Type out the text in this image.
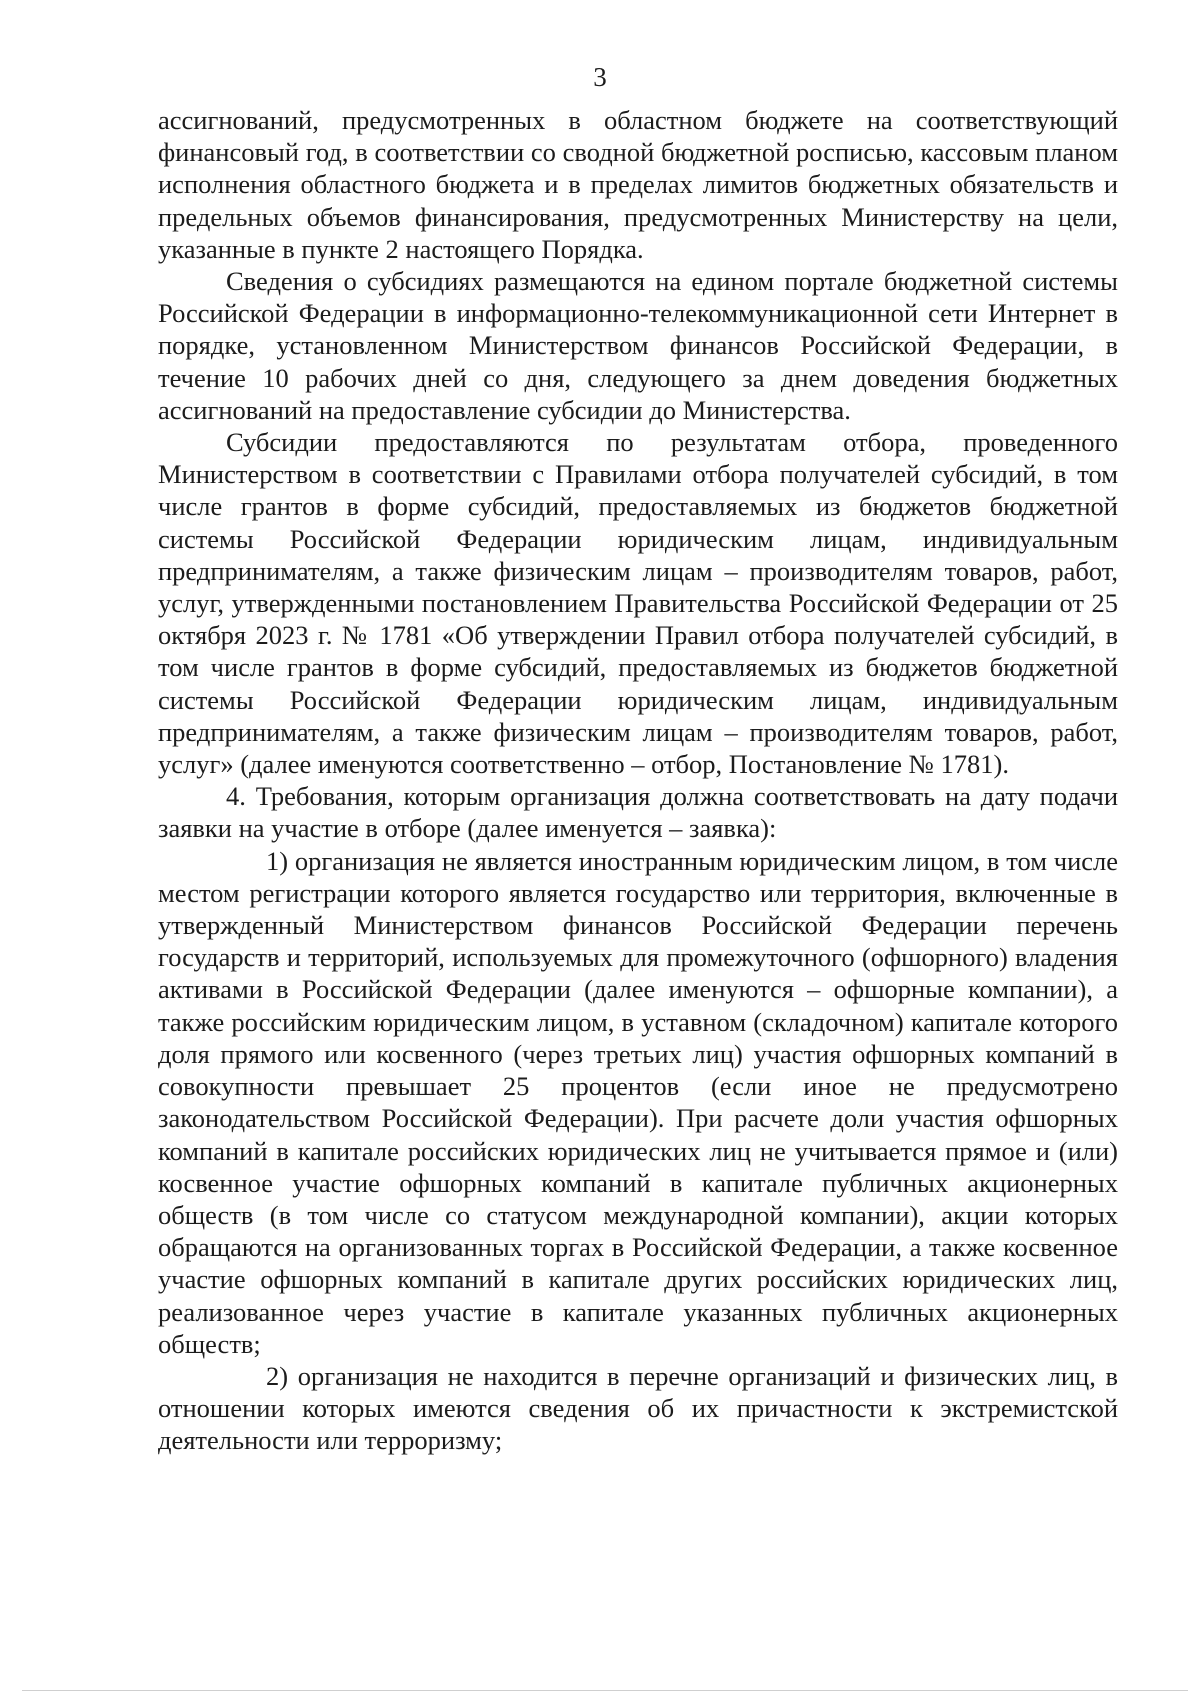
3

ассигнований, предусмотренных в областном бюджете на соответствующий финансовый год, в соответствии со сводной бюджетной росписью, кассовым планом исполнения областного бюджета и в пределах лимитов бюджетных обязательств и предельных объемов финансирования, предусмотренных Министерству на цели, указанные в пункте 2 настоящего Порядка.

Сведения о субсидиях размещаются на едином портале бюджетной системы Российской Федерации в информационно-телекоммуникационной сети Интернет в порядке, установленном Министерством финансов Российской Федерации, в течение 10 рабочих дней со дня, следующего за днем доведения бюджетных ассигнований на предоставление субсидии до Министерства.

Субсидии предоставляются по результатам отбора, проведенного Министерством в соответствии с Правилами отбора получателей субсидий, в том числе грантов в форме субсидий, предоставляемых из бюджетов бюджетной системы Российской Федерации юридическим лицам, индивидуальным предпринимателям, а также физическим лицам – производителям товаров, работ, услуг, утвержденными постановлением Правительства Российской Федерации от 25 октября 2023 г. № 1781 «Об утверждении Правил отбора получателей субсидий, в том числе грантов в форме субсидий, предоставляемых из бюджетов бюджетной системы Российской Федерации юридическим лицам, индивидуальным предпринимателям, а также физическим лицам – производителям товаров, работ, услуг» (далее именуются соответственно – отбор, Постановление № 1781).

4. Требования, которым организация должна соответствовать на дату подачи заявки на участие в отборе (далее именуется – заявка):

1) организация не является иностранным юридическим лицом, в том числе местом регистрации которого является государство или территория, включенные в утвержденный Министерством финансов Российской Федерации перечень государств и территорий, используемых для промежуточного (офшорного) владения активами в Российской Федерации (далее именуются – офшорные компании), а также российским юридическим лицом, в уставном (складочном) капитале которого доля прямого или косвенного (через третьих лиц) участия офшорных компаний в совокупности превышает 25 процентов (если иное не предусмотрено законодательством Российской Федерации). При расчете доли участия офшорных компаний в капитале российских юридических лиц не учитывается прямое и (или) косвенное участие офшорных компаний в капитале публичных акционерных обществ (в том числе со статусом международной компании), акции которых обращаются на организованных торгах в Российской Федерации, а также косвенное участие офшорных компаний в капитале других российских юридических лиц, реализованное через участие в капитале указанных публичных акционерных обществ;

2) организация не находится в перечне организаций и физических лиц, в отношении которых имеются сведения об их причастности к экстремистской деятельности или терроризму;
